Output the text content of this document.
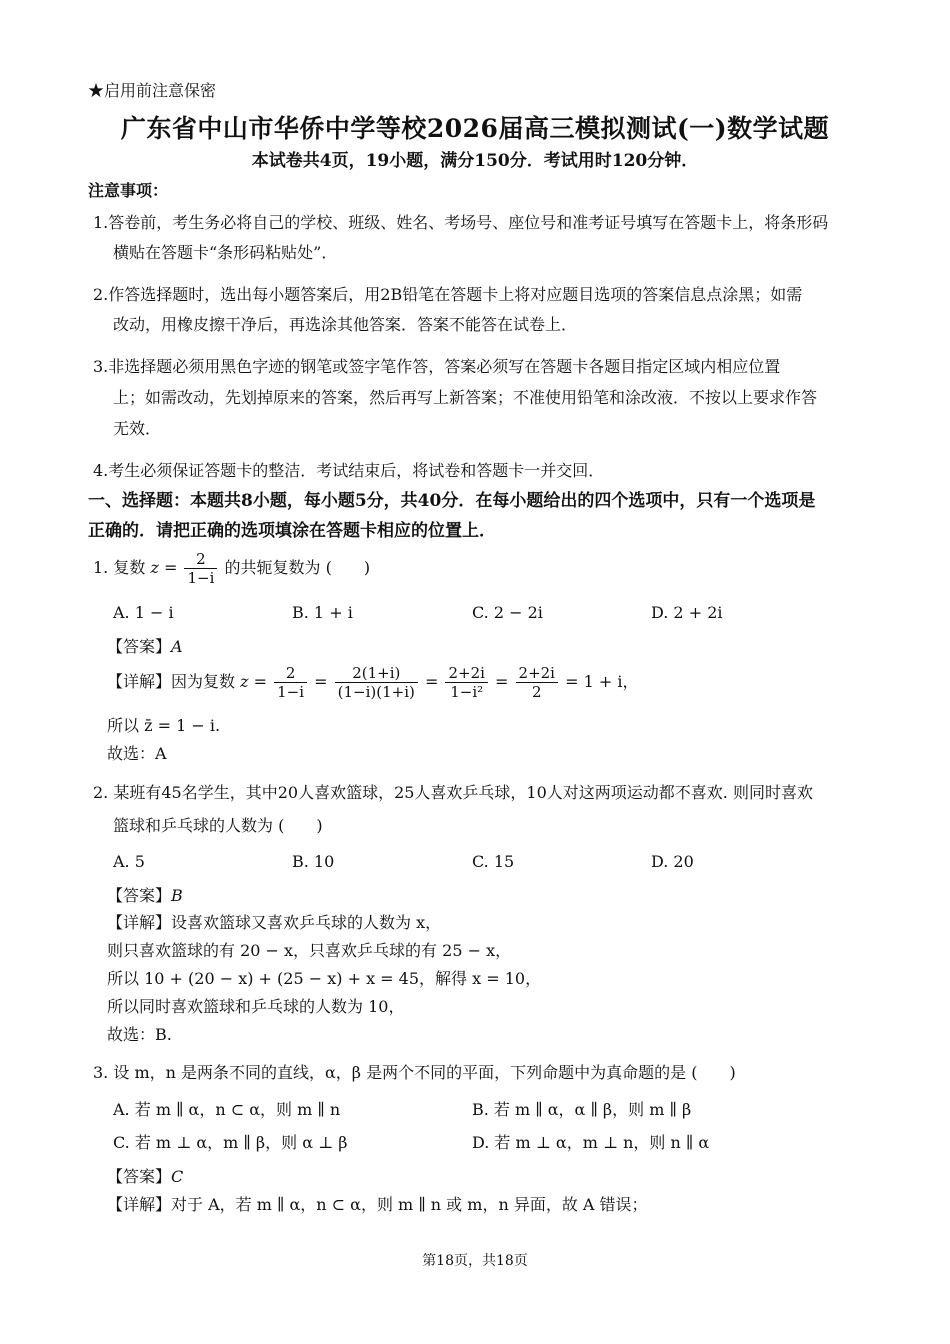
★启用前注意保密
广东省中山市华侨中学等校2026届高三模拟测试(一)数学试题
本试卷共4页，19小题，满分150分．考试用时120分钟．
注意事项：
1.答卷前，考生务必将自己的学校、班级、姓名、考场号、座位号和准考证号填写在答题卡上，将条形码
横贴在答题卡“条形码粘贴处”．
2.作答选择题时，选出每小题答案后，用2B铅笔在答题卡上将对应题目选项的答案信息点涂黑；如需
改动，用橡皮擦干净后，再选涂其他答案．答案不能答在试卷上．
3.非选择题必须用黑色字迹的钢笔或签字笔作答，答案必须写在答题卡各题目指定区域内相应位置
上；如需改动，先划掉原来的答案，然后再写上新答案；不准使用铅笔和涂改液．不按以上要求作答
无效．
4.考生必须保证答题卡的整洁．考试结束后，将试卷和答题卡一并交回．
一、选择题：本题共8小题，每小题5分，共40分．在每小题给出的四个选项中，只有一个选项是
正确的．请把正确的选项填涂在答题卡相应的位置上．
1. 复数 $z = \frac{2}{1-i}$ 的共轭复数为 (　　)
A. 1 − i	B. 1 + i	C. 2 − 2i	D. 2 + 2i
【答案】A
【详解】因为复数 $z = \frac{2}{1-i} = \frac{2(1+i)}{(1-i)(1+i)} = \frac{2+2i}{\text{1−i²}} = \frac{2+2i}{2} = 1 + i$，
所以 z̄ = 1 − i.
故选：A
2. 某班有45名学生，其中20人喜欢篮球，25人喜欢乒乓球，10人对这两项运动都不喜欢. 则同时喜欢
篮球和乒乓球的人数为 (　　)
A. 5	B. 10	C. 15	D. 20
【答案】B
【详解】设喜欢篮球又喜欢乒乓球的人数为 x，
则只喜欢篮球的有 20 − x，只喜欢乒乓球的有 25 − x，
所以 10 + (20 − x) + (25 − x) + x = 45，解得 x = 10，
所以同时喜欢篮球和乒乓球的人数为 10，
故选：B.
3. 设 m，n 是两条不同的直线，α，β 是两个不同的平面，下列命题中为真命题的是 (　　)
A. 若 m ∥ α，n ⊂ α，则 m ∥ n	B. 若 m ∥ α，α ∥ β，则 m ∥ β
C. 若 m ⊥ α，m ∥ β，则 α ⊥ β	D. 若 m ⊥ α，m ⊥ n，则 n ∥ α
【答案】C
【详解】对于 A，若 m ∥ α，n ⊂ α，则 m ∥ n 或 m，n 异面，故 A 错误；
第18页，共18页
